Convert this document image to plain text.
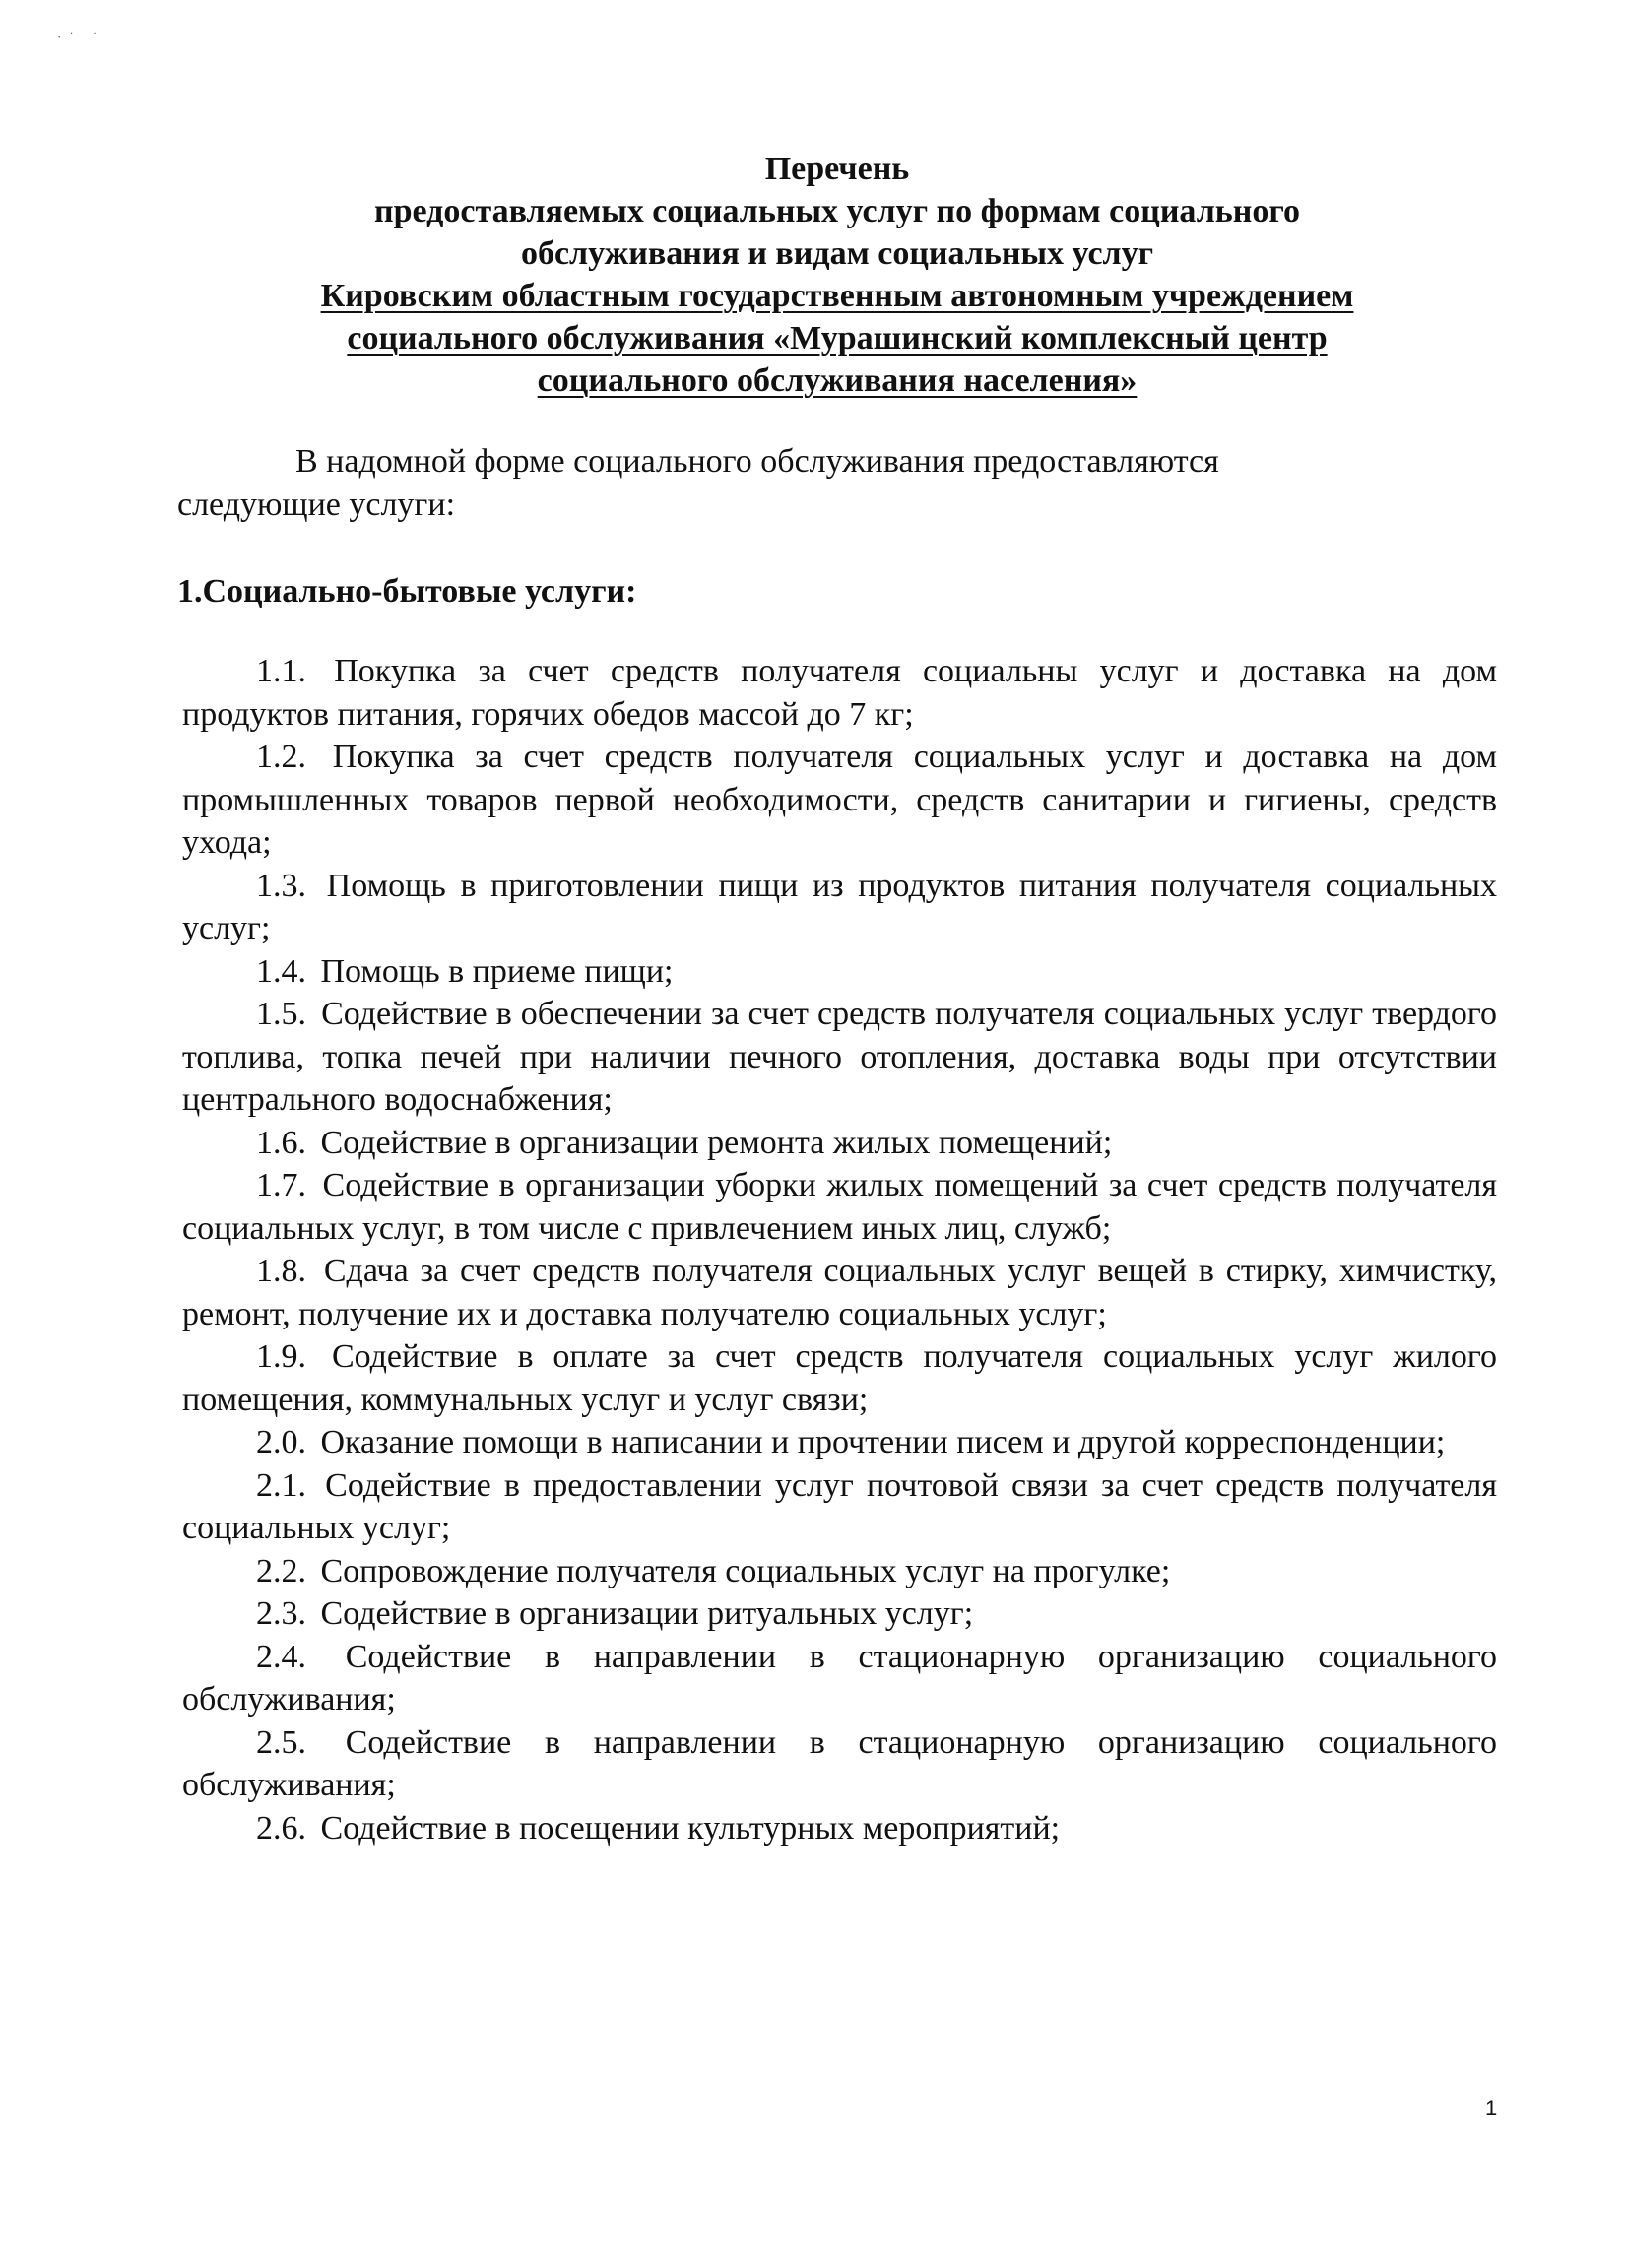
·˙ ˙
Перечень
предоставляемых социальных услуг по формам социального
обслуживания и видам социальных услуг
Кировским областным государственным автономным учреждением
социального обслуживания «Мурашинский комплексный центр
социального обслуживания населения»
В надомной форме социального обслуживания предоставляются
следующие услуги:
1.Социально-бытовые услуги:

1.1. Покупка за счет средств получателя социальны услуг и доставка на дом продуктов питания, горячих обедов массой до 7 кг;

1.2. Покупка за счет средств получателя социальных услуг и доставка на дом промышленных товаров первой необходимости, средств санитарии и гигиены, средств ухода;

1.3. Помощь в приготовлении пищи из продуктов питания получателя социальных услуг;

1.4. Помощь в приеме пищи;

1.5. Содействие в обеспечении за счет средств получателя социальных услуг твердого топлива, топка печей при наличии печного отопления, доставка воды при отсутствии центрального водоснабжения;

1.6. Содействие в организации ремонта жилых помещений;

1.7. Содействие в организации уборки жилых помещений за счет средств получателя социальных услуг, в том числе с привлечением иных лиц, служб;

1.8. Сдача за счет средств получателя социальных услуг вещей в стирку, химчистку, ремонт, получение их и доставка получателю социальных услуг;

1.9. Содействие в оплате за счет средств получателя социальных услуг жилого помещения, коммунальных услуг и услуг связи;

2.0. Оказание помощи в написании и прочтении писем и другой корреспонденции;

2.1. Содействие в предоставлении услуг почтовой связи за счет средств получателя социальных услуг;

2.2. Сопровождение получателя социальных услуг на прогулке;

2.3. Содействие в организации ритуальных услуг;

2.4. Содействие в направлении в стационарную организацию социального обслуживания;

2.5. Содействие в направлении в стационарную организацию социального обслуживания;

2.6. Содействие в посещении культурных мероприятий;

1
